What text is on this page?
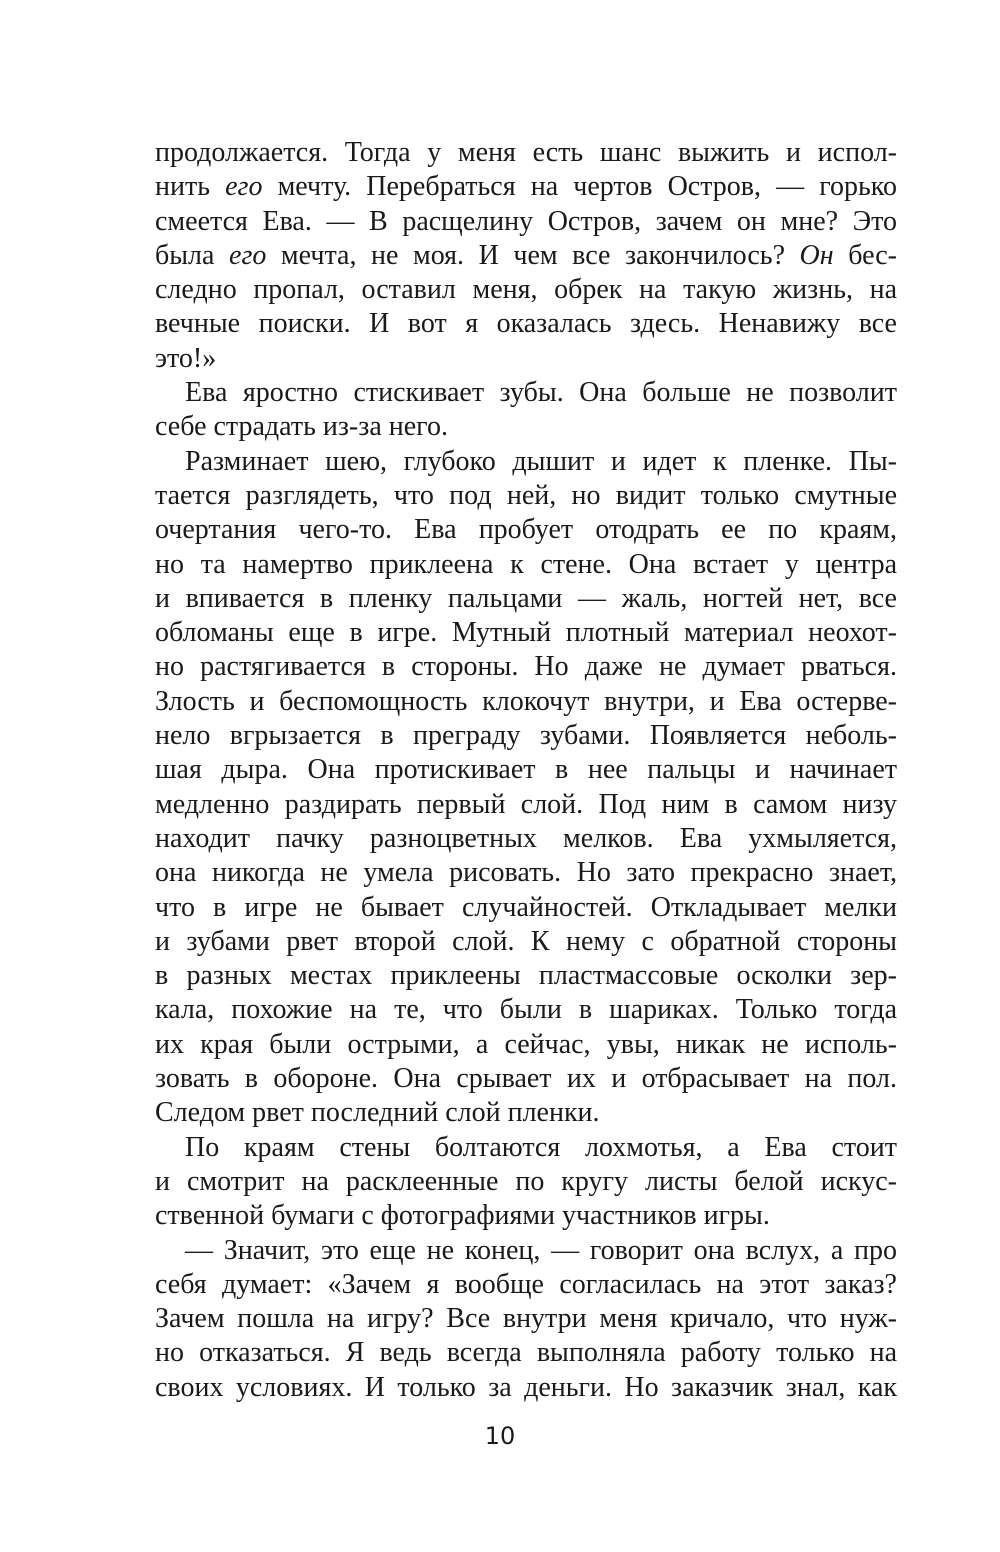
продолжается. Тогда у меня есть шанс выжить и испол-
нить его мечту. Перебраться на чертов Остров, — горько
смеется Ева. — В расщелину Остров, зачем он мне? Это
была его мечта, не моя. И чем все закончилось? Он бес-
следно пропал, оставил меня, обрек на такую жизнь, на
вечные поиски. И вот я оказалась здесь. Ненавижу все
это!»
Ева яростно стискивает зубы. Она больше не позволит
себе страдать из-за него.
Разминает шею, глубоко дышит и идет к пленке. Пы-
тается разглядеть, что под ней, но видит только смутные
очертания чего-то. Ева пробует отодрать ее по краям,
но та намертво приклеена к стене. Она встает у центра
и впивается в пленку пальцами — жаль, ногтей нет, все
обломаны еще в игре. Мутный плотный материал неохот-
но растягивается в стороны. Но даже не думает рваться.
Злость и беспомощность клокочут внутри, и Ева остерве-
нело вгрызается в преграду зубами. Появляется неболь-
шая дыра. Она протискивает в нее пальцы и начинает
медленно раздирать первый слой. Под ним в самом низу
находит пачку разноцветных мелков. Ева ухмыляется,
она никогда не умела рисовать. Но зато прекрасно знает,
что в игре не бывает случайностей. Откладывает мелки
и зубами рвет второй слой. К нему с обратной стороны
в разных местах приклеены пластмассовые осколки зер-
кала, похожие на те, что были в шариках. Только тогда
их края были острыми, а сейчас, увы, никак не исполь-
зовать в обороне. Она срывает их и отбрасывает на пол.
Следом рвет последний слой пленки.
По краям стены болтаются лохмотья, а Ева стоит
и смотрит на расклеенные по кругу листы белой искус-
ственной бумаги с фотографиями участников игры.
— Значит, это еще не конец, — говорит она вслух, а про
себя думает: «Зачем я вообще согласилась на этот заказ?
Зачем пошла на игру? Все внутри меня кричало, что нуж-
но отказаться. Я ведь всегда выполняла работу только на
своих условиях. И только за деньги. Но заказчик знал, как
10
